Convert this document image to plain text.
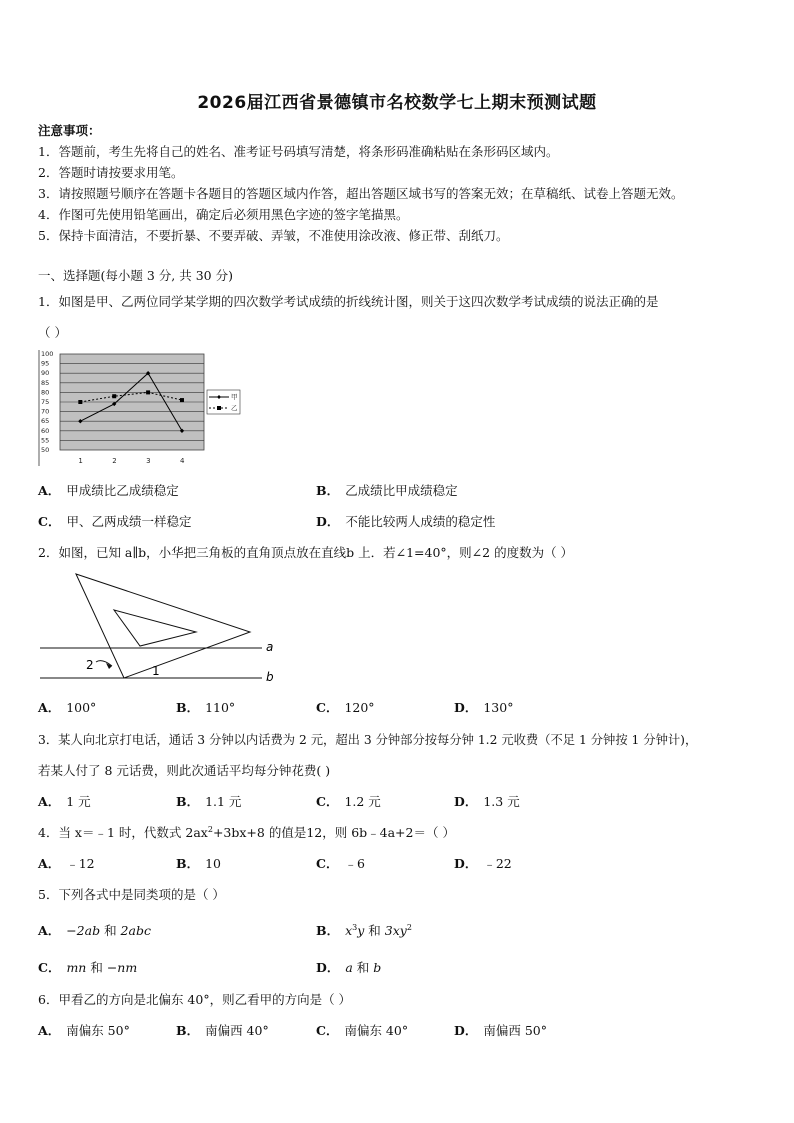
2026届江西省景德镇市名校数学七上期末预测试题
注意事项：
1．答题前，考生先将自己的姓名、准考证号码填写清楚，将条形码准确粘贴在条形码区域内。
2．答题时请按要求用笔。
3．请按照题号顺序在答题卡各题目的答题区域内作答，超出答题区域书写的答案无效；在草稿纸、试卷上答题无效。
4．作图可先使用铅笔画出，确定后必须用黑色字迹的签字笔描黑。
5．保持卡面清洁，不要折暴、不要弄破、弄皱，不准使用涂改液、修正带、刮纸刀。
一、选择题(每小题 3 分, 共 30 分)
1．如图是甲、乙两位同学某学期的四次数学考试成绩的折线统计图，则关于这四次数学考试成绩的说法正确的是
（ ）
100
95
90
85
80
75
70
65
60
55
50
1	2	3	4
甲
乙
A． 甲成绩比乙成绩稳定	B． 乙成绩比甲成绩稳定
C． 甲、乙两成绩一样稳定	D． 不能比较两人成绩的稳定性
2．如图，已知 a∥b，小华把三角板的直角顶点放在直线b 上．若∠1=40°，则∠2 的度数为（ ）
a
b
1
2
A． 100°	B． 110°	C． 120°	D． 130°
3．某人向北京打电话，通话 3 分钟以内话费为 2 元，超出 3 分钟部分按每分钟 1.2 元收费（不足 1 分钟按 1 分钟计)，
若某人付了 8 元话费，则此次通话平均每分钟花费( )
A． 1 元	B． 1.1 元	C． 1.2 元	D． 1.3 元
4．当 x＝﹣1 时，代数式 $2ax^2+3bx+8$ 的值是12，则 6b﹣4a+2＝（ ）
A． ﹣12	B． 10	C． ﹣6	D． ﹣22
5．下列各式中是同类项的是（ ）
A． −2ab 和 2abc	B． $x^3y$ 和 $3xy^2$
C． mn 和 −nm	D． a 和 b
6．甲看乙的方向是北偏东 40°，则乙看甲的方向是（ ）
A． 南偏东 50°	B． 南偏西 40°	C． 南偏东 40°	D． 南偏西 50°
